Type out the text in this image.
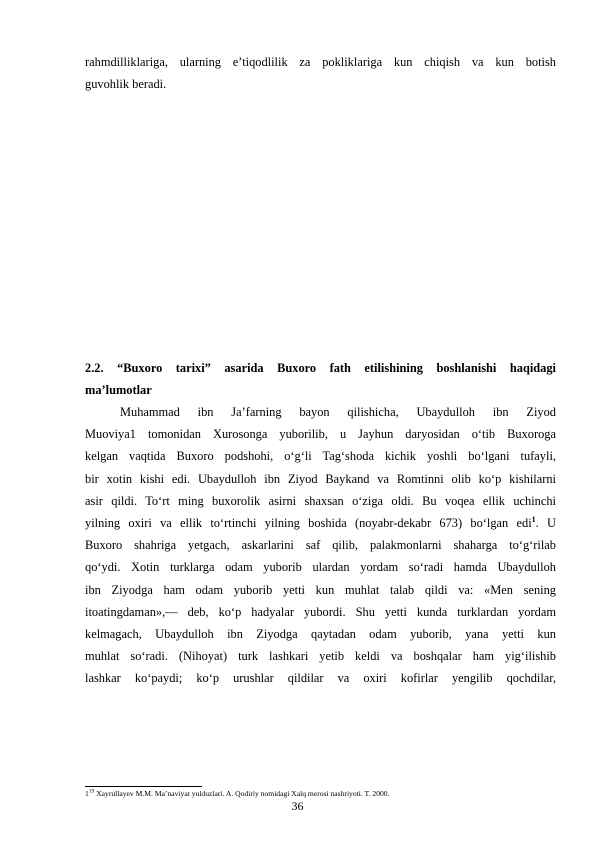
rahmdilliklariga, ularning e’tiqodlilik za pokliklariga kun chiqish va kun botish
guvohlik beradi.
2.2. “Buxoro tarixi” asarida Buxoro fath etilishining boshlanishi haqidagi
ma’lumotlar
Muhammad ibn Ja’farning bayon qilishicha, Ubaydulloh ibn Ziyod
Muoviya1 tomonidan Xurosonga yuborilib, u Jayhun daryosidan o‘tib Buxoroga
kelgan vaqtida Buxoro podshohi, o‘g‘li Tag‘shoda kichik yoshli bo‘lgani tufayli,
bir xotin kishi edi. Ubaydulloh ibn Ziyod Baykand va Romtinni olib ko‘p kishilarni
asir qildi. To‘rt ming buxorolik asirni shaxsan o‘ziga oldi. Bu voqea ellik uchinchi
yilning oxiri va ellik to‘rtinchi yilning boshida (noyabr-dekabr 673) bo‘lgan edi$^1$. U
Buxoro shahriga yetgach, askarlarini saf qilib, palakmonlarni shaharga to‘g‘rilab
qo‘ydi. Xotin turklarga odam yuborib ulardan yordam so‘radi hamda Ubaydulloh
ibn Ziyodga ham odam yuborib yetti kun muhlat talab qildi va: «Men sening
itoatingdaman»,— deb, ko‘p hadyalar yubordi. Shu yetti kunda turklardan yordam
kelmagach, Ubaydulloh ibn Ziyodga qaytadan odam yuborib, yana yetti kun
muhlat so‘radi. (Nihoyat) turk lashkari yetib keldi va boshqalar ham yig‘ilishib
lashkar ko‘paydi; ko‘p urushlar qildilar va oxiri kofirlar yengilib qochdilar,

$1^{19}$ Xayrullayev M.M. Ma’naviyat yulduzlari. A. Qodiriy nomidagi Xalq merosi nashriyoti. T. 2000.

36
